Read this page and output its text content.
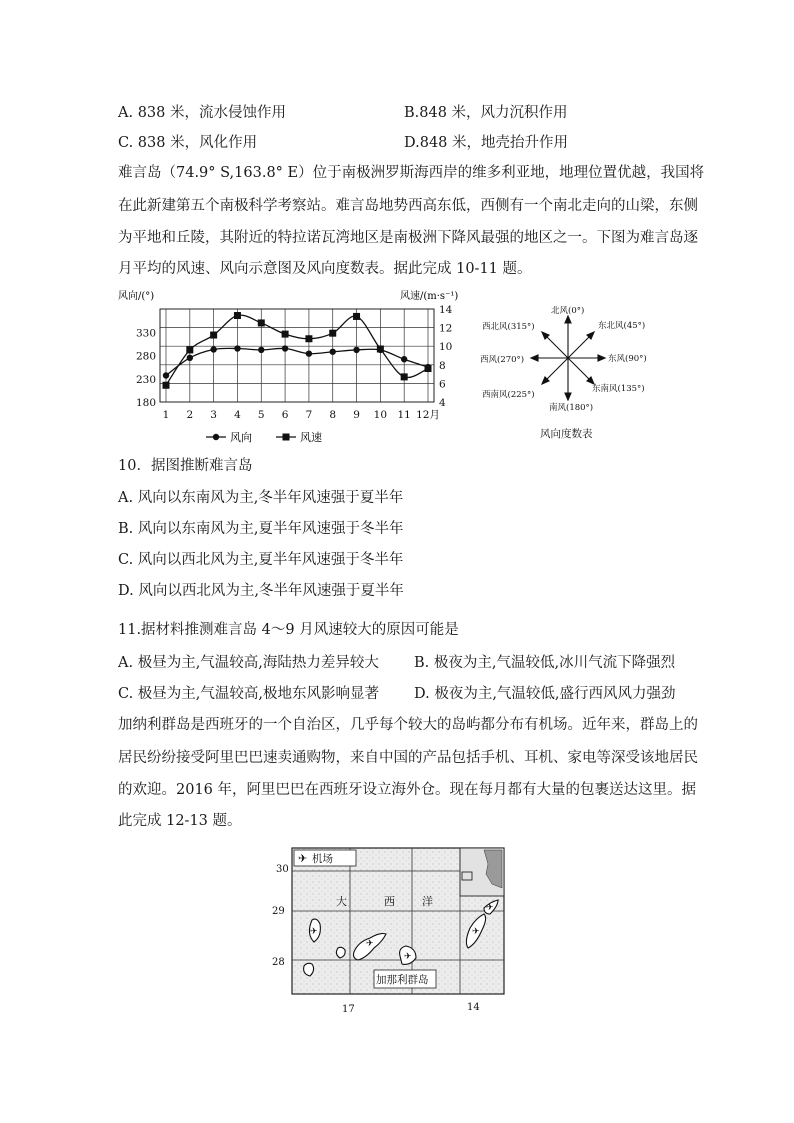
A. 838 米，流水侵蚀作用	B.848 米，风力沉积作用
C. 838 米，风化作用	D.848 米，地壳抬升作用
难言岛（74.9° S,163.8° E）位于南极洲罗斯海西岸的维多利亚地，地理位置优越，我国将
在此新建第五个南极科学考察站。难言岛地势西高东低，西侧有一个南北走向的山梁，东侧
为平地和丘陵，其附近的特拉诺瓦湾地区是南极洲下降风最强的地区之一。下图为难言岛逐
月平均的风速、风向示意图及风向度数表。据此完成 10-11 题。
风向/(°)	风速/(m·s⁻¹)
1 2 3 4 5 6 7 8 9 10 11 12月
180
230
280
330
4
6
8
10
12
14
风向	风速
北风(0°)
东北风(45°)
东风(90°)
东南风(135°)
南风(180°)
西南风(225°)
西风(270°)
西北风(315°)
风向度数表
10．据图推断难言岛
A. 风向以东南风为主,冬半年风速强于夏半年
B. 风向以东南风为主,夏半年风速强于冬半年
C. 风向以西北风为主,夏半年风速强于冬半年
D. 风向以西北风为主,冬半年风速强于夏半年
11.据材料推测难言岛 4～9 月风速较大的原因可能是
A. 极昼为主,气温较高,海陆热力差异较大 B. 极夜为主,气温较低,冰川气流下降强烈
C. 极昼为主,气温较高,极地东风影响显著 D. 极夜为主,气温较低,盛行西风风力强劲
加纳利群岛是西班牙的一个自治区，几乎每个较大的岛屿都分布有机场。近年来，群岛上的
居民纷纷接受阿里巴巴速卖通购物，来自中国的产品包括手机、耳机、家电等深受该地居民
的欢迎。2016 年，阿里巴巴在西班牙设立海外仓。现在每月都有大量的包裹送达这里。据
此完成 12-13 题。
✈ 机场
大	西 洋
✈
✈
✈
✈
✈
加那利群岛
30
29
28
17	14
